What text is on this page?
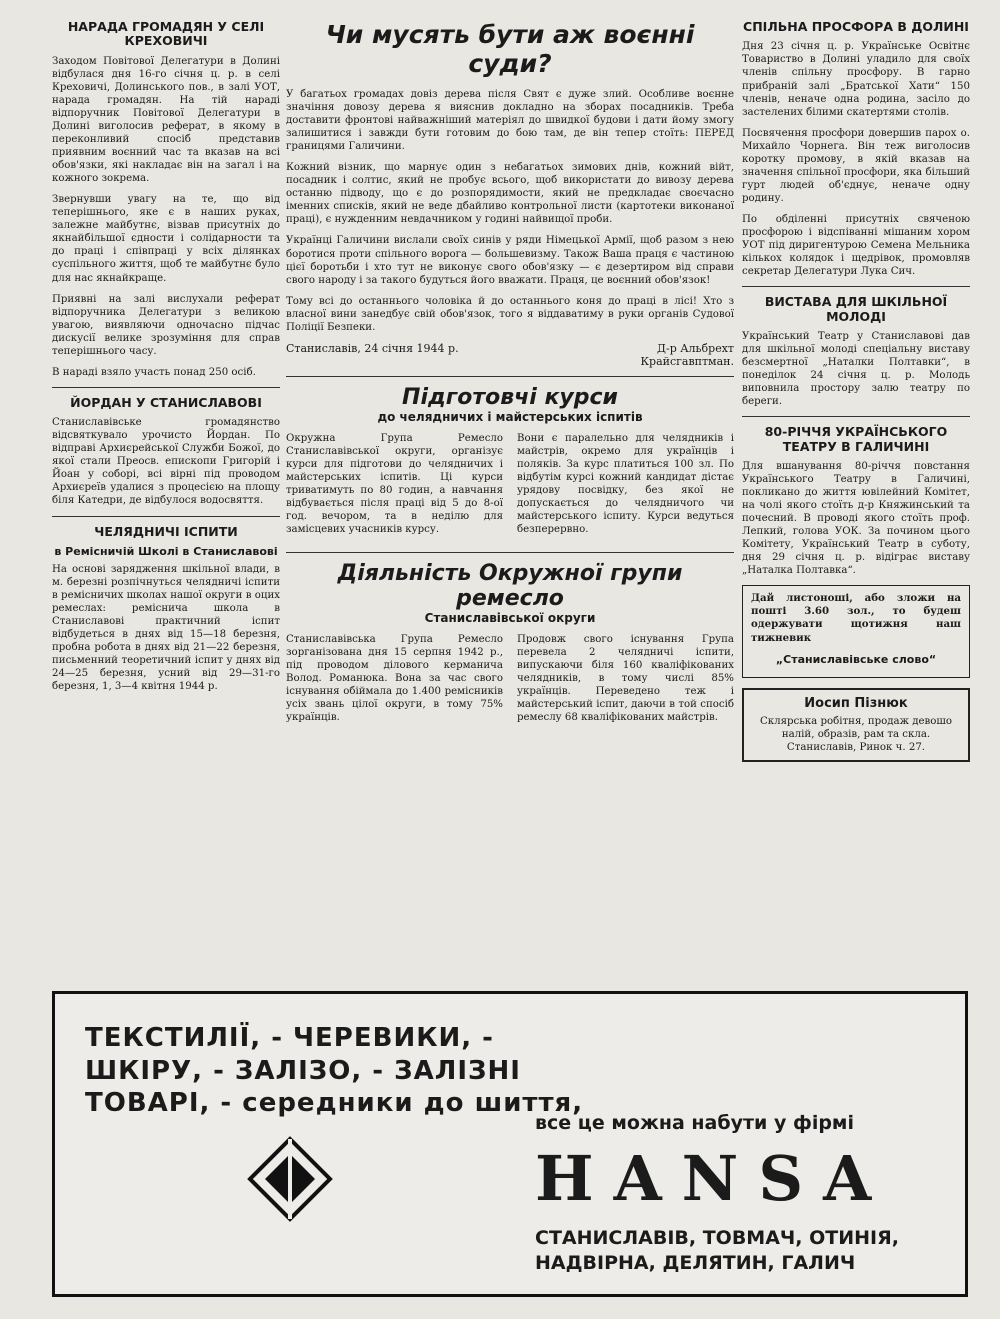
НАРАДА ГРОМАДЯН У СЕЛІ КРЕХОВИЧІ

Заходом Повітової Делегатури в Долині відбулася дня 16-го січня ц. р. в селі Креховичі, Долинського пов., в залі УОТ, нарада громадян. На тій нараді відпоручник Повітової Делегатури в Долині виголосив реферат, в якому в переконливий спосіб представив приявним воєнний час та вказав на всі обов'язки, які накладає він на загал і на кожного зокрема.

Звернувши увагу на те, що від теперішнього, яке є в наших руках, залежне майбутнє, візвав присутніх до якнайбільшої єдности і солідарности та до праці і співпраці у всіх ділянках суспільного життя, щоб те майбутнє було для нас якнайкраще.

Приявні на залі вислухали реферат відпоручника Делегатури з великою увагою, виявляючи одночасно підчас дискусії велике зрозуміння для справ теперішнього часу.

В нараді взяло участь понад 250 осіб.

ЙОРДАН У СТАНИСЛАВОВІ

Станиславівське громадянство відсвяткувало урочисто Йордан. По відправі Архиєрейської Служби Божої, до якої стали Преосв. епископи Григорій і Йоан у соборі, всі вірні під проводом Архиєреїв удалися з процесією на площу біля Катедри, де відбулося водосвяття.

ЧЕЛЯДНИЧІ ІСПИТИ
в Ремісничій Школі в Станиславові

На основі зарядження шкільної влади, в м. березні розпічнуться челядничі іспити в ремісничих школах нашої округи в оцих ремеслах: реміснича школа в Станиславові практичний іспит відбудеться в днях від 15—18 березня, пробна робота в днях від 21—22 березня, письменний теоретичний іспит у днях від 24—25 березня, усний від 29—31-го березня, 1, 3—4 квітня 1944 р.

Чи мусять бути аж воєнні суди?

У багатьох громадах довіз дерева після Свят є дуже злий. Особливе воєнне значіння довозу дерева я вияснив докладно на зборах посадників. Треба доставити фронтові найважніший матеріял до швидкої будови і дати йому змогу залишитися і завжди бути готовим до бою там, де він тепер стоїть: ПЕРЕД границями Галичини.

Кожний візник, що марнує один з небагатьох зимових днів, кожний війт, посадник і солтис, який не пробує всього, щоб використати до вивозу дерева останню підводу, що є до розпорядимости, який не предкладає своєчасно іменних списків, який не веде дбайливо контрольної листи (картотеки виконаної праці), є нужденним невдачником у годині найвищої проби.

Українці Галичини вислали своїх синів у ряди Німецької Армії, щоб разом з нею боротися проти спільного ворога — большевизму. Також Ваша праця є частиною цієї боротьби і хто тут не виконує свого обов'язку — є дезертиром від справи свого народу і за такого будуться його вважати. Праця, це воєнний обов'язок!

Тому всі до останнього чоловіка й до останнього коня до праці в лісі! Хто з власної вини занедбує свій обов'язок, того я віддаватиму в руки органів Судової Поліції Безпеки.

Станиславів, 24 січня 1944 р.	Д-р Альбрехт
Крайсгавптман.
Підготовчі курси
до челядничих і майстерських іспитів

Окружна Група Ремесло Станиславівської округи, організує курси для підготови до челядничих і майстерських іспитів. Ці курси триватимуть по 80 годин, а навчання відбувається після праці від 5 до 8-ої год. вечором, та в неділю для замісцевих учасників курсу.

Вони є паралельно для челядників і майстрів, окремо для українців і поляків. За курс платиться 100 зл. По відбутім курсі кожний кандидат дістає урядову посвідку, без якої не допускається до челядничого чи майстерського іспиту. Курси ведуться безперервно.

Діяльність Окружної групи ремесло
Станиславівської округи

Станиславівська Група Ремесло зорганізована дня 15 серпня 1942 р., під проводом ділового керманича Волод. Романюка. Вона за час свого існування обіймала до 1.400 ремісників усіх звань цілої округи, в тому 75% українців.

Продовж свого існування Група перевела 2 челядничі іспити, випускаючи біля 160 кваліфікованих челядників, в тому числі 85% українців. Переведено теж і майстерський іспит, даючи в той спосіб ремеслу 68 кваліфікованих майстрів.

СПІЛЬНА ПРОСФОРА В ДОЛИНІ

Дня 23 січня ц. р. Українське Освітнє Товариство в Долині уладило для своїх членів спільну просфору. В гарно прибраній залі „Братської Хати“ 150 членів, неначе одна родина, засіло до застелених білими скатертями столів.

Посвячення просфори довершив парох о. Михайло Чорнега. Він теж виголосив коротку промову, в якій вказав на значення спільної просфори, яка більший гурт людей об'єднує, неначе одну родину.

По обділенні присутніх свяченою просфорою і відспіванні мішаним хором УОТ під диригентурою Семена Мельника кількох колядок і щедрівок, промовляв секретар Делегатури Лука Сич.

ВИСТАВА ДЛЯ ШКІЛЬНОЇ МОЛОДІ

Український Театр у Станиславові дав для шкільної молоді спеціальну виставу безсмертної „Наталки Полтавки“, в понеділок 24 січня ц. р. Молодь виповнила простору залю театру по береги.

80-РІЧЧЯ УКРАЇНСЬКОГО ТЕАТРУ В ГАЛИЧИНІ

Для вшанування 80-річчя повстання Українського Театру в Галичині, покликано до життя ювілейний Комітет, на чолі якого стоїть д-р Княжинський та почесний. В проводі якого стоїть проф. Лепкий, голова УОК. За почином цього Комітету, Український Театр в суботу, дня 29 січня ц. р. відіграє виставу „Наталка Полтавка“.

Дай листоноші, або зложи на пошті 3.60 зол., то будеш одержувати щотижня наш тижневик

„Станиславівське слово“
Иосип Пізнюк
Склярська робітня, продаж девошо налій, образів, рам та скла. Станиславів, Ринок ч. 27.
ТЕКСТИЛІЇ, - ЧЕРЕВИКИ, -
ШКІРУ, - ЗАЛІЗО, - ЗАЛІЗНІ
ТОВАРІ, - середники до шиття,
все це можна набути у фірмі
HANSA
СТАНИСЛАВІВ, ТОВМАЧ, ОТИНІЯ,
НАДВІРНА, ДЕЛЯТИН, ГАЛИЧ
